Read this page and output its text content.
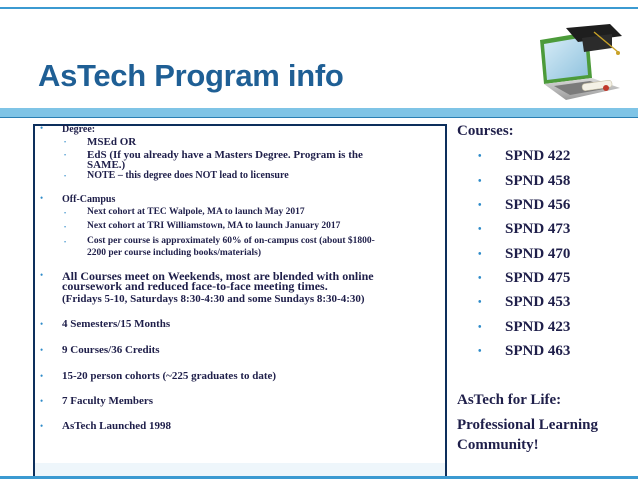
AsTech Program info
• Degree:
• MSEd OR
• EdS (If you already have a Masters Degree. Program is the
SAME.)
• NOTE – this degree does NOT lead to licensure
• Off-Campus
• Next cohort at TEC Walpole, MA to launch May 2017
• Next cohort at TRI Williamstown, MA to launch January 2017
• Cost per course is approximately 60% of on-campus cost (about $1800-
2200 per course including books/materials)
• All Courses meet on Weekends, most are blended with online
coursework and reduced face-to-face meeting times.
(Fridays 5-10, Saturdays 8:30-4:30 and some Sundays 8:30-4:30)
• 4 Semesters/15 Months
• 9 Courses/36 Credits
• 15-20 person cohorts (~225 graduates to date)
• 7 Faculty Members
• AsTech Launched 1998
Courses:
• SPND 422
• SPND 458
• SPND 456
• SPND 473
• SPND 470
• SPND 475
• SPND 453
• SPND 423
• SPND 463
AsTech for Life:
Professional Learning
Community!
